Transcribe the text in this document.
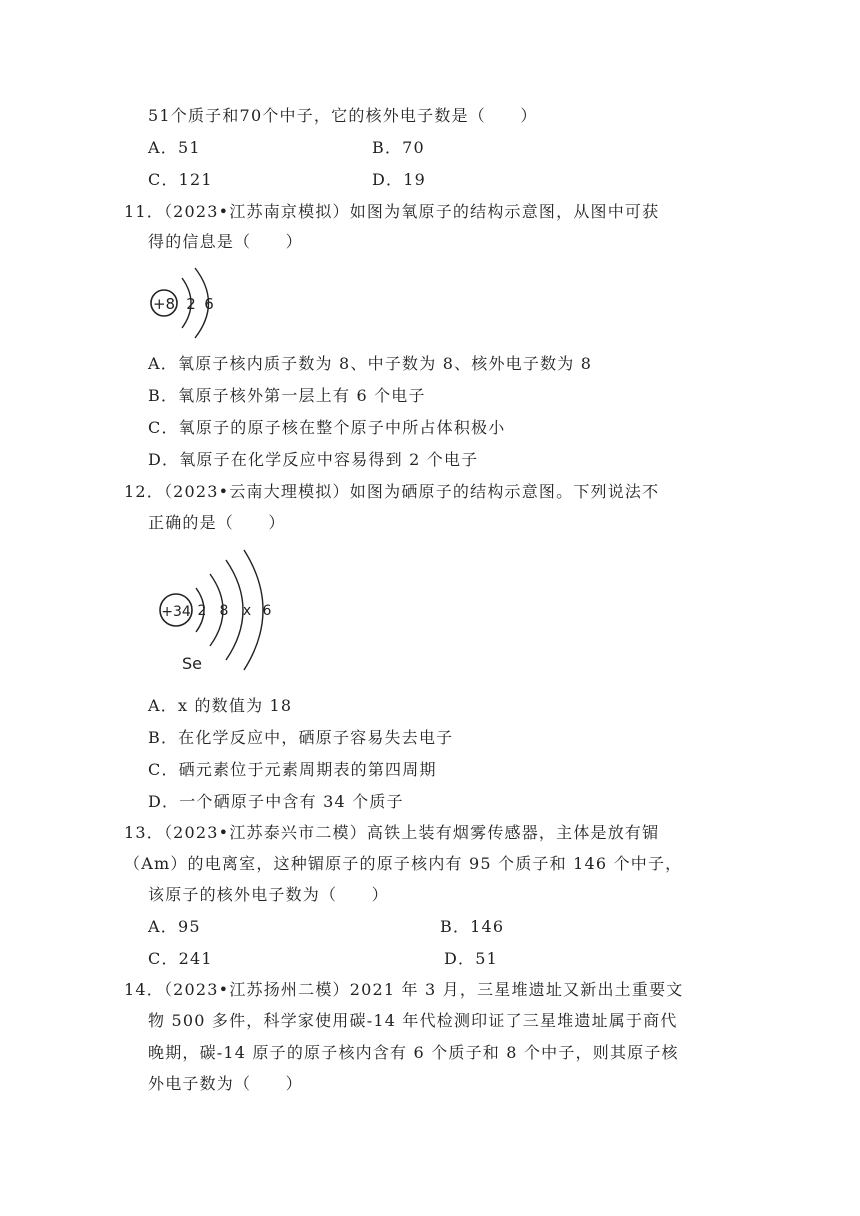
51个质子和70个中子，它的核外电子数是（　　）
A．51	B．70
C．121	D．19
11．（2023•江苏南京模拟）如图为氧原子的结构示意图，从图中可获
得的信息是（　　）
+8 2 6
A．氧原子核内质子数为 8、中子数为 8、核外电子数为 8
B．氧原子核外第一层上有 6 个电子
C．氧原子的原子核在整个原子中所占体积极小
D．氧原子在化学反应中容易得到 2 个电子
12．（2023•云南大理模拟）如图为硒原子的结构示意图。下列说法不
正确的是（　　）
+34 2 8 x 6
Se
A．x 的数值为 18
B．在化学反应中，硒原子容易失去电子
C．硒元素位于元素周期表的第四周期
D．一个硒原子中含有 34 个质子
13．（2023•江苏泰兴市二模）高铁上装有烟雾传感器，主体是放有镅
（Am）的电离室，这种镅原子的原子核内有 95 个质子和 146 个中子，
该原子的核外电子数为（　　）
A．95	B．146
C．241	D．51
14．（2023•江苏扬州二模）2021 年 3 月，三星堆遗址又新出土重要文
物 500 多件，科学家使用碳-14 年代检测印证了三星堆遗址属于商代
晚期，碳-14 原子的原子核内含有 6 个质子和 8 个中子，则其原子核
外电子数为（　　）
